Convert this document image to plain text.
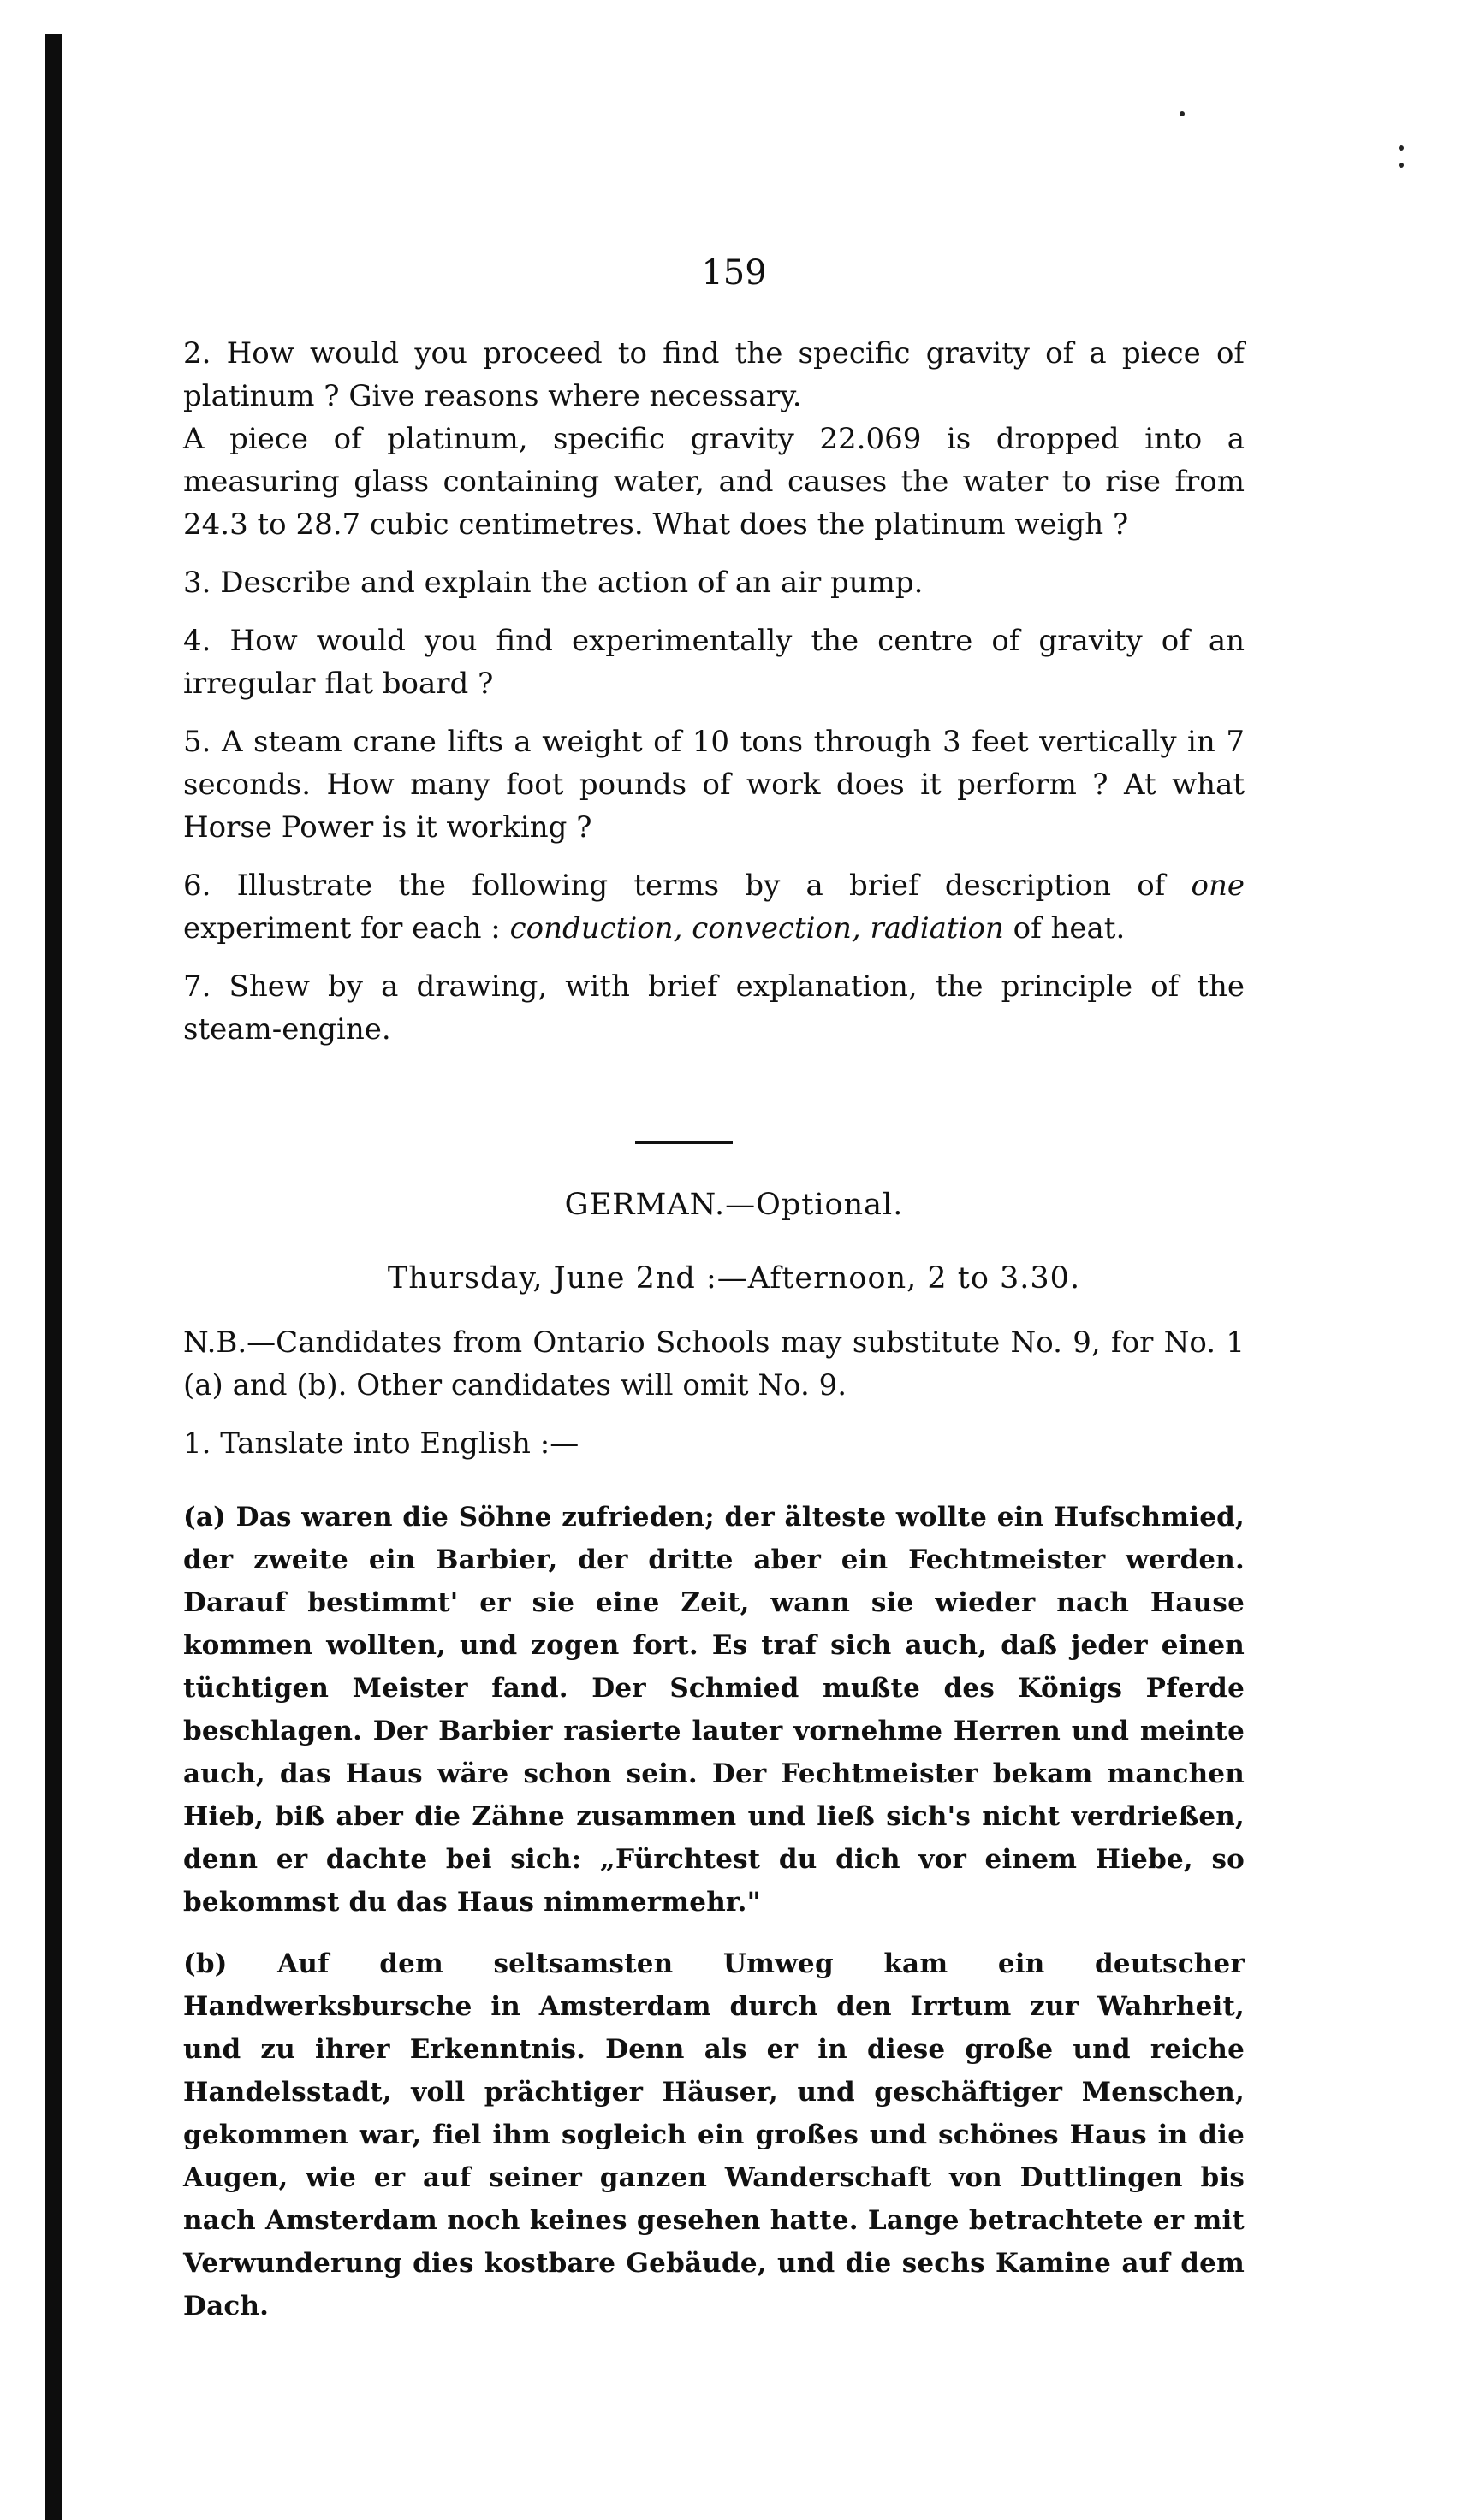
159

2. How would you proceed to find the specific gravity of a piece of platinum ? Give reasons where necessary.

A piece of platinum, specific gravity 22.069 is dropped into a measuring glass containing water, and causes the water to rise from 24.3 to 28.7 cubic centimetres. What does the platinum weigh ?

3. Describe and explain the action of an air pump.

4. How would you find experimentally the centre of gravity of an irregular flat board ?

5. A steam crane lifts a weight of 10 tons through 3 feet vertically in 7 seconds. How many foot pounds of work does it perform ? At what Horse Power is it working ?

6. Illustrate the following terms by a brief description of one experiment for each : conduction, convection, radiation of heat.

7. Shew by a drawing, with brief explanation, the principle of the steam-engine.

GERMAN.—Optional.
Thursday, June 2nd :—Afternoon, 2 to 3.30.

N.B.—Candidates from Ontario Schools may substitute No. 9, for No. 1 (a) and (b). Other candidates will omit No. 9.

1. Tanslate into English :—

(a) Das waren die Söhne zufrieden; der älteste wollte ein Hufschmied, der zweite ein Barbier, der dritte aber ein Fechtmeister werden. Darauf bestimmt' er sie eine Zeit, wann sie wieder nach Hause kommen wollten, und zogen fort. Es traf sich auch, daß jeder einen tüchtigen Meister fand. Der Schmied mußte des Königs Pferde beschlagen. Der Barbier rasierte lauter vornehme Herren und meinte auch, das Haus wäre schon sein. Der Fechtmeister bekam manchen Hieb, biß aber die Zähne zusammen und ließ sich's nicht verdrießen, denn er dachte bei sich: „Fürchtest du dich vor einem Hiebe, so bekommst du das Haus nimmermehr."

(b) Auf dem seltsamsten Umweg kam ein deutscher Handwerksbursche in Amsterdam durch den Irrtum zur Wahrheit, und zu ihrer Erkenntnis. Denn als er in diese große und reiche Handelsstadt, voll prächtiger Häuser, und geschäftiger Menschen, gekommen war, fiel ihm sogleich ein großes und schönes Haus in die Augen, wie er auf seiner ganzen Wanderschaft von Duttlingen bis nach Amsterdam noch keines gesehen hatte. Lange betrachtete er mit Verwunderung dies kostbare Gebäude, und die sechs Kamine auf dem Dach.
